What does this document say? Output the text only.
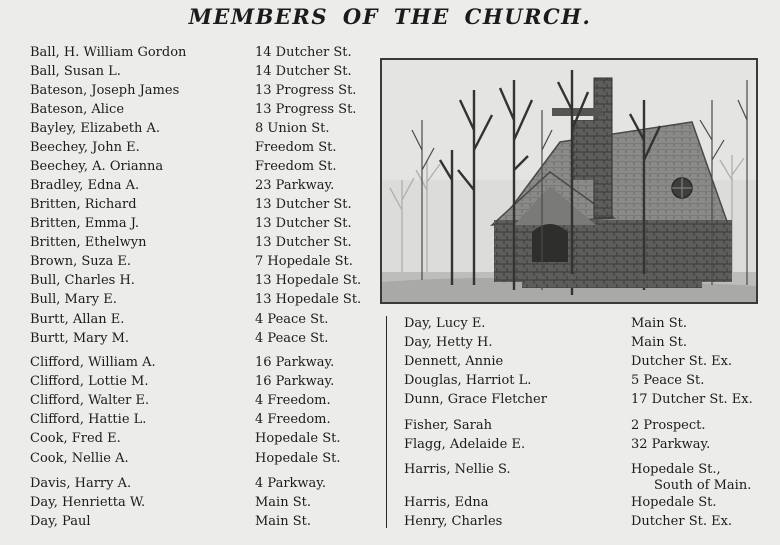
MEMBERS OF THE CHURCH.
Ball, H. William Gordon	14 Dutcher St.
Ball, Susan L.	14 Dutcher St.
Bateson, Joseph James	13 Progress St.
Bateson, Alice	13 Progress St.
Bayley, Elizabeth A.	8 Union St.
Beechey, John E.	Freedom St.
Beechey, A. Orianna	Freedom St.
Bradley, Edna A.	23 Parkway.
Britten, Richard	13 Dutcher St.
Britten, Emma J.	13 Dutcher St.
Britten, Ethelwyn	13 Dutcher St.
Brown, Suza E.	7 Hopedale St.
Bull, Charles H.	13 Hopedale St.
Bull, Mary E.	13 Hopedale St.
Burtt, Allan E.	4 Peace St.
Burtt, Mary M.	4 Peace St.
Clifford, William A.	16 Parkway.
Clifford, Lottie M.	16 Parkway.
Clifford, Walter E.	4 Freedom.
Clifford, Hattie L.	4 Freedom.
Cook, Fred E.	Hopedale St.
Cook, Nellie A.	Hopedale St.
Davis, Harry A.	4 Parkway.
Day, Henrietta W.	Main St.
Day, Paul	Main St.
Day, Lucy E.	Main St.
Day, Hetty H.	Main St.
Dennett, Annie	Dutcher St. Ex.
Douglas, Harriot L.	5 Peace St.
Dunn, Grace Fletcher	17 Dutcher St. Ex.
Fisher, Sarah	2 Prospect.
Flagg, Adelaide E.	32 Parkway.
Harris, Nellie S.	Hopedale St.,
South of Main.
Harris, Edna	Hopedale St.
Henry, Charles	Dutcher St. Ex.
